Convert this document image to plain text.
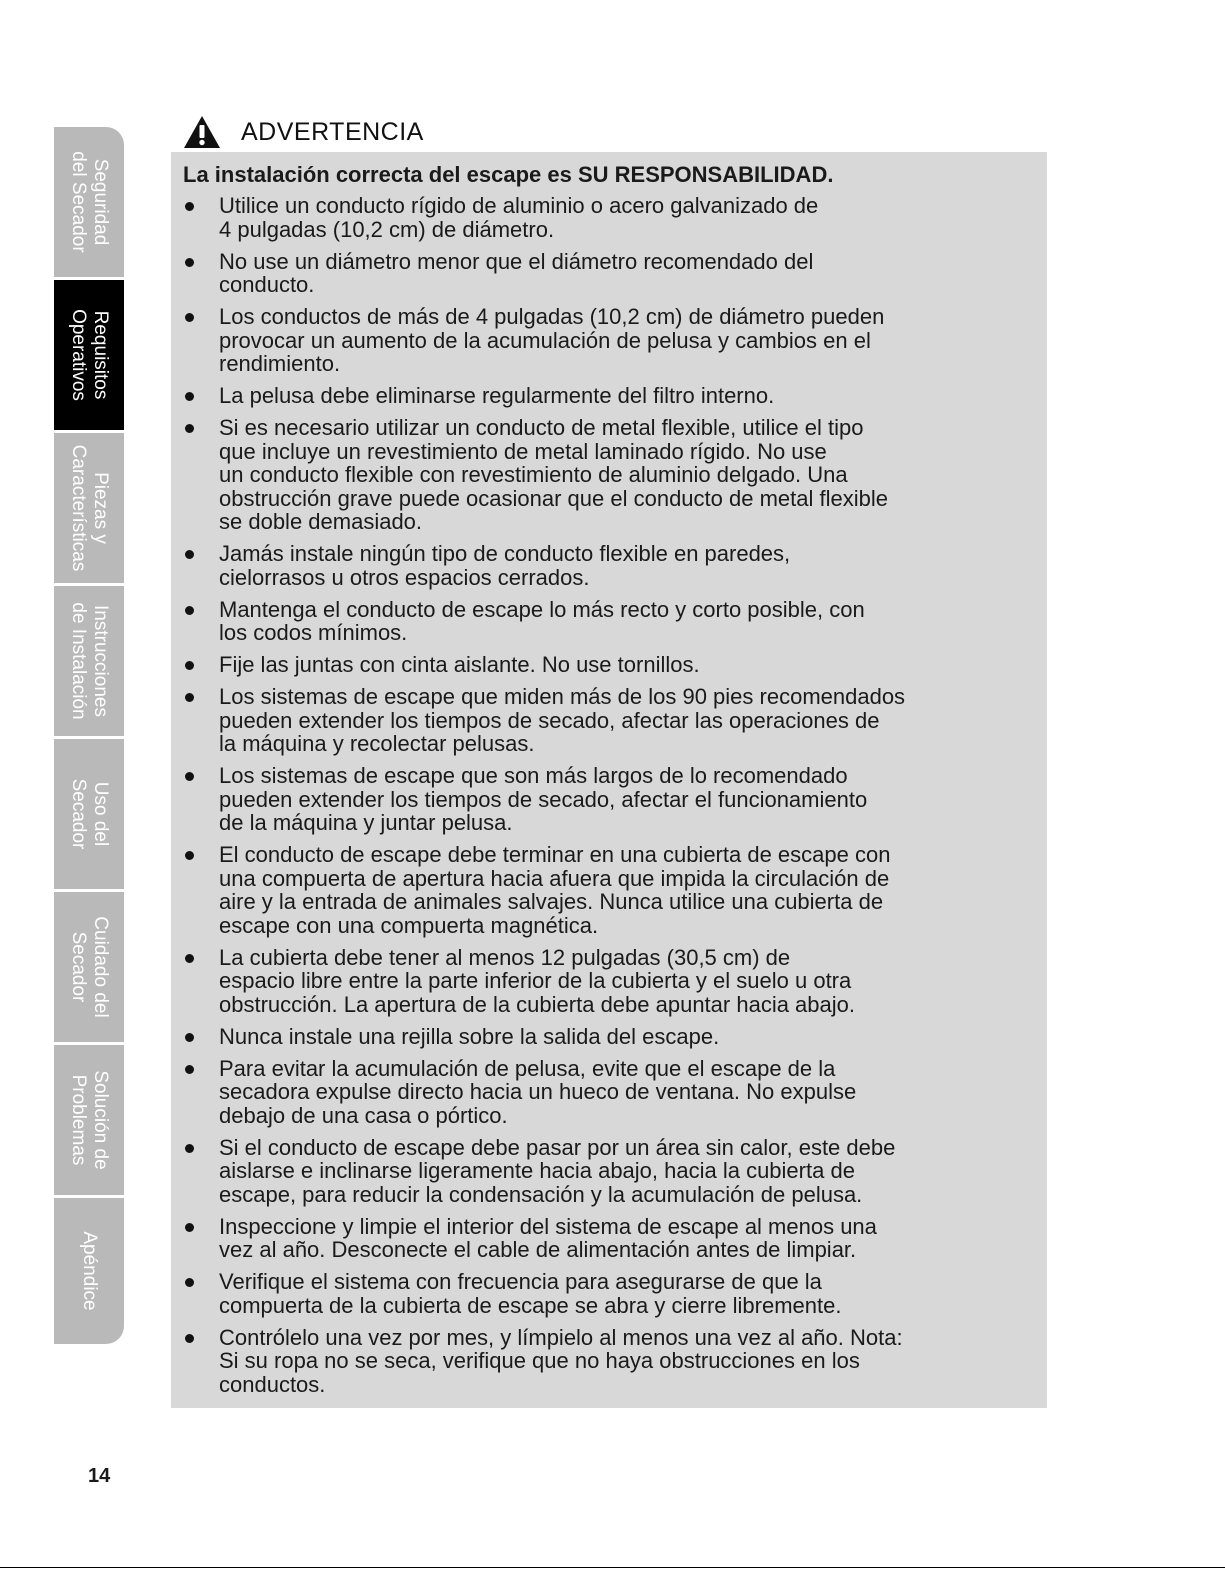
Seguridad
del Secador
Requisitos
Operativos
Piezas y
Características
Instrucciones
de Instalación
Uso del
Secador
Cuidado del
Secador
Solución de
Problemas
Apéndice
ADVERTENCIA
La instalación correcta del escape es SU RESPONSABILIDAD.
Utilice un conducto rígido de aluminio o acero galvanizado de
4 pulgadas (10,2 cm) de diámetro.
No use un diámetro menor que el diámetro recomendado del
conducto.
Los conductos de más de 4 pulgadas (10,2 cm) de diámetro pueden
provocar un aumento de la acumulación de pelusa y cambios en el
rendimiento.
La pelusa debe eliminarse regularmente del filtro interno.
Si es necesario utilizar un conducto de metal flexible, utilice el tipo
que incluye un revestimiento de metal laminado rígido. No use
un conducto flexible con revestimiento de aluminio delgado. Una
obstrucción grave puede ocasionar que el conducto de metal flexible
se doble demasiado.
Jamás instale ningún tipo de conducto flexible en paredes,
cielorrasos u otros espacios cerrados.
Mantenga el conducto de escape lo más recto y corto posible, con
los codos mínimos.
Fije las juntas con cinta aislante. No use tornillos.
Los sistemas de escape que miden más de los 90 pies recomendados
pueden extender los tiempos de secado, afectar las operaciones de
la máquina y recolectar pelusas.
Los sistemas de escape que son más largos de lo recomendado
pueden extender los tiempos de secado, afectar el funcionamiento
de la máquina y juntar pelusa.
El conducto de escape debe terminar en una cubierta de escape con
una compuerta de apertura hacia afuera que impida la circulación de
aire y la entrada de animales salvajes. Nunca utilice una cubierta de
escape con una compuerta magnética.
La cubierta debe tener al menos 12 pulgadas (30,5 cm) de
espacio libre entre la parte inferior de la cubierta y el suelo u otra
obstrucción. La apertura de la cubierta debe apuntar hacia abajo.
Nunca instale una rejilla sobre la salida del escape.
Para evitar la acumulación de pelusa, evite que el escape de la
secadora expulse directo hacia un hueco de ventana. No expulse
debajo de una casa o pórtico.
Si el conducto de escape debe pasar por un área sin calor, este debe
aislarse e inclinarse ligeramente hacia abajo, hacia la cubierta de
escape, para reducir la condensación y la acumulación de pelusa.
Inspeccione y limpie el interior del sistema de escape al menos una
vez al año. Desconecte el cable de alimentación antes de limpiar.
Verifique el sistema con frecuencia para asegurarse de que la
compuerta de la cubierta de escape se abra y cierre libremente.
Contrólelo una vez por mes, y límpielo al menos una vez al año. Nota:
Si su ropa no se seca, verifique que no haya obstrucciones en los
conductos.
14
